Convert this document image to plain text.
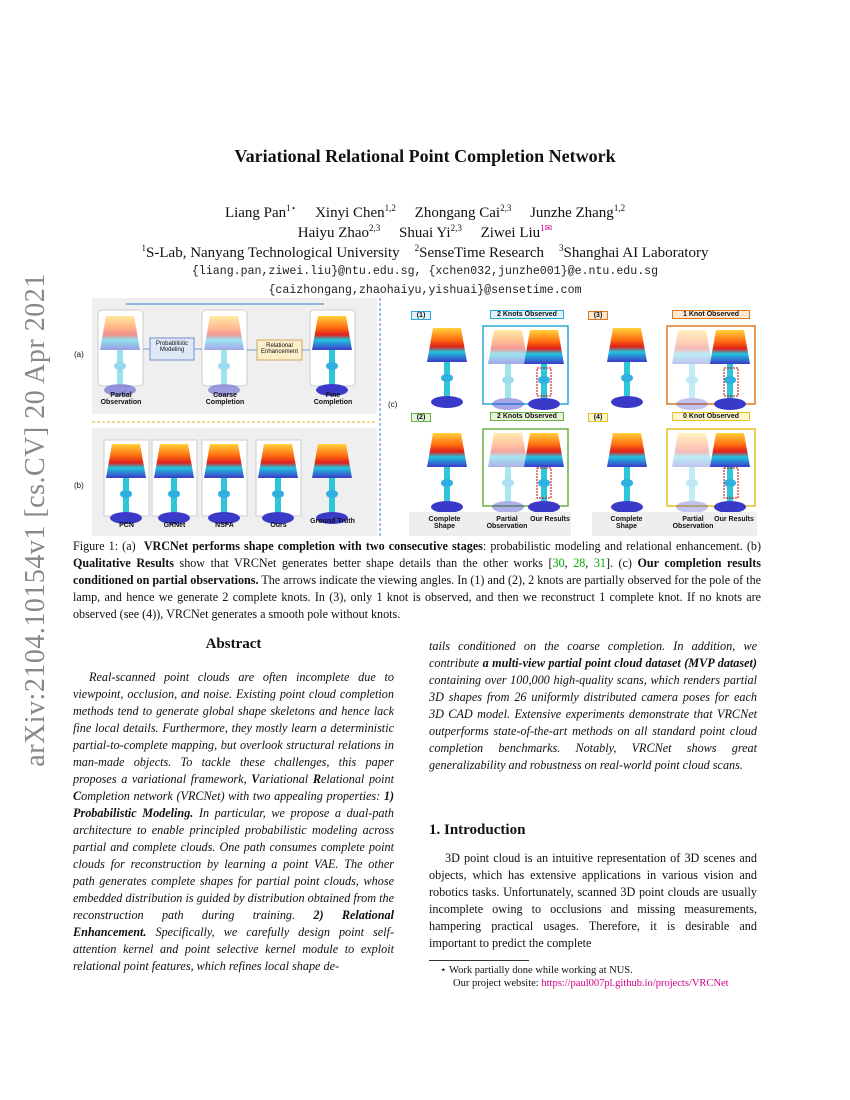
arXiv:2104.10154v1 [cs.CV] 20 Apr 2021
Variational Relational Point Completion Network
Liang Pan$^{1⋆}$ Xinyi Chen$^{1,2}$ Zhongang Cai$^{2,3}$ Junzhe Zhang$^{1,2}$
Haiyu Zhao$^{2,3}$ Shuai Yi$^{2,3}$ Ziwei Liu$^{1✉}$
$^1$S-Lab, Nanyang Technological University $^2$SenseTime Research $^3$Shanghai AI Laboratory
{liang.pan,ziwei.liu}@ntu.edu.sg, {xchen032,junzhe001}@e.ntu.edu.sg
{caizhongang,zhaohaiyu,yishuai}@sensetime.com
(a)
(b)
(c)
Partial Observation
Coarse Completion
Fine Completion
Probabilistic Modeling
Relational Enhancement
PCN	GRNet	NSFA	Ours
Ground Truth
(1)	2 Knots Observed	(3)	1 Knot Observed
(2)	2 Knots Observed	(4)	0 Knot Observed
Complete Shape
Partial Observation
Our Results	Complete Shape
Partial Observation
Our Results
Figure 1: (a) VRCNet performs shape completion with two consecutive stages: probabilistic modeling and relational enhancement. (b) Qualitative Results show that VRCNet generates better shape details than the other works [30, 28, 31]. (c) Our completion results conditioned on partial observations. The arrows indicate the viewing angles. In (1) and (2), 2 knots are partially observed for the pole of the lamp, and hence we generate 2 complete knots. In (3), only 1 knot is observed, and then we reconstruct 1 complete knot. If no knots are observed (see (4)), VRCNet generates a smooth pole without knots.
Abstract
Real-scanned point clouds are often incomplete due to viewpoint, occlusion, and noise. Existing point cloud completion methods tend to generate global shape skeletons and hence lack fine local details. Furthermore, they mostly learn a deterministic partial-to-complete mapping, but overlook structural relations in man-made objects. To tackle these challenges, this paper proposes a variational framework, Variational Relational point Completion network (VRCNet) with two appealing properties: 1) Probabilistic Modeling. In particular, we propose a dual-path architecture to enable principled probabilistic modeling across partial and complete clouds. One path consumes complete point clouds for reconstruction by learning a point VAE. The other path generates complete shapes for partial point clouds, whose embedded distribution is guided by distribution obtained from the reconstruction path during training. 2) Relational Enhancement. Specifically, we carefully design point self-attention kernel and point selective kernel module to exploit relational point features, which refines local shape de-
tails conditioned on the coarse completion. In addition, we contribute a multi-view partial point cloud dataset (MVP dataset) containing over 100,000 high-quality scans, which renders partial 3D shapes from 26 uniformly distributed camera poses for each 3D CAD model. Extensive experiments demonstrate that VRCNet outperforms state-of-the-art methods on all standard point cloud completion benchmarks. Notably, VRCNet shows great generalizability and robustness on real-world point cloud scans.
1. Introduction
3D point cloud is an intuitive representation of 3D scenes and objects, which has extensive applications in various vision and robotics tasks. Unfortunately, scanned 3D point clouds are usually incomplete owing to occlusions and missing measurements, hampering practical usages. Therefore, it is desirable and important to predict the complete
⋆ Work partially done while working at NUS.
Our project website: https://paul007pl.github.io/projects/VRCNet
